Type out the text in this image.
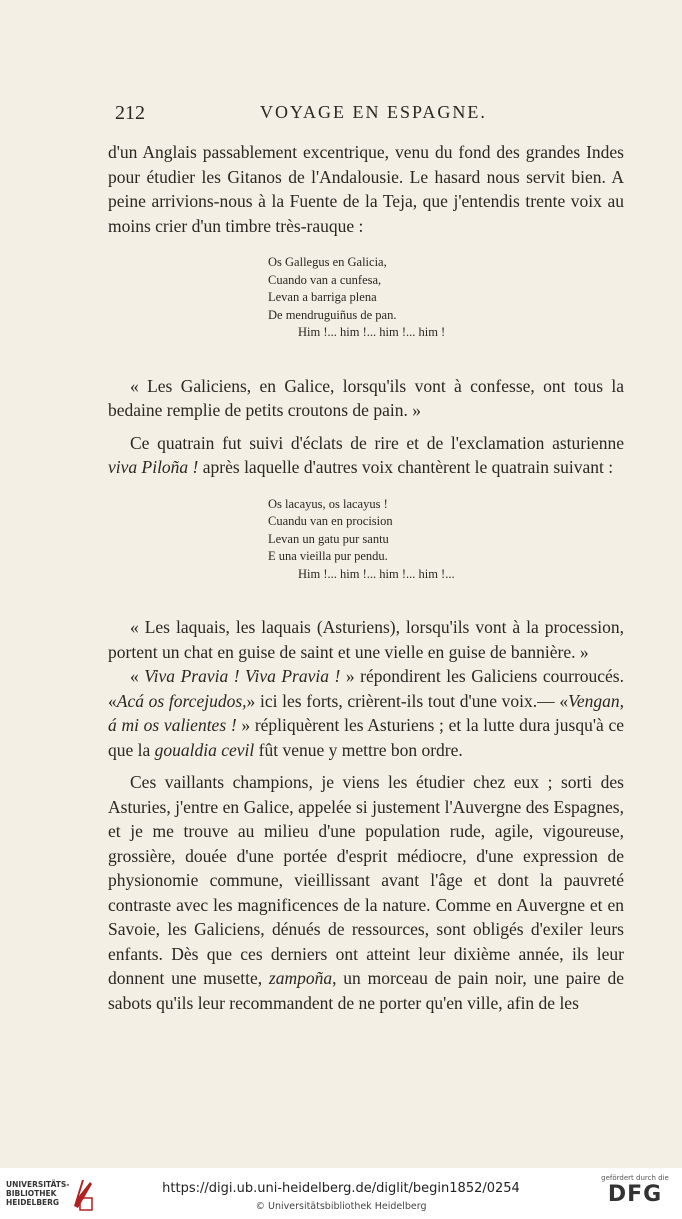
212	VOYAGE EN ESPAGNE.

d'un Anglais passablement excentrique, venu du fond des grandes Indes pour étudier les Gitanos de l'Andalousie. Le hasard nous servit bien. A peine arrivions-nous à la Fuente de la Teja, que j'entendis trente voix au moins crier d'un timbre très-rauque :

Os Gallegus en Galicia,
Cuando van a cunfesa,
Levan a barriga plena
De mendruguiñus de pan.
Him !... him !... him !... him !

« Les Galiciens, en Galice, lorsqu'ils vont à confesse, ont tous la bedaine remplie de petits croutons de pain. »

Ce quatrain fut suivi d'éclats de rire et de l'exclamation asturienne viva Piloña ! après laquelle d'autres voix chantèrent le quatrain suivant :

Os lacayus, os lacayus !
Cuandu van en procision
Levan un gatu pur santu
E una vieilla pur pendu.
Him !... him !... him !... him !...

« Les laquais, les laquais (Asturiens), lorsqu'ils vont à la procession, portent un chat en guise de saint et une vielle en guise de bannière. »

« Viva Pravia ! Viva Pravia ! » répondirent les Galiciens courroucés. «Acá os forcejudos,» ici les forts, crièrent-ils tout d'une voix.— «Vengan, á mi os valientes ! » répliquèrent les Asturiens ; et la lutte dura jusqu'à ce que la goualdia cevil fût venue y mettre bon ordre.

Ces vaillants champions, je viens les étudier chez eux ; sorti des Asturies, j'entre en Galice, appelée si justement l'Auvergne des Espagnes, et je me trouve au milieu d'une population rude, agile, vigoureuse, grossière, douée d'une portée d'esprit médiocre, d'une expression de physionomie commune, vieillissant avant l'âge et dont la pauvreté contraste avec les magnificences de la nature. Comme en Auvergne et en Savoie, les Galiciens, dénués de ressources, sont obligés d'exiler leurs enfants. Dès que ces derniers ont atteint leur dixième année, ils leur donnent une musette, zampoña, un morceau de pain noir, une paire de sabots qu'ils leur recommandent de ne porter qu'en ville, afin de les

UNIVERSITÄTS-
BIBLIOTHEK
HEIDELBERG
https://digi.ub.uni-heidelberg.de/diglit/begin1852/0254
© Universitätsbibliothek Heidelberg
gefördert durch die
DFG
